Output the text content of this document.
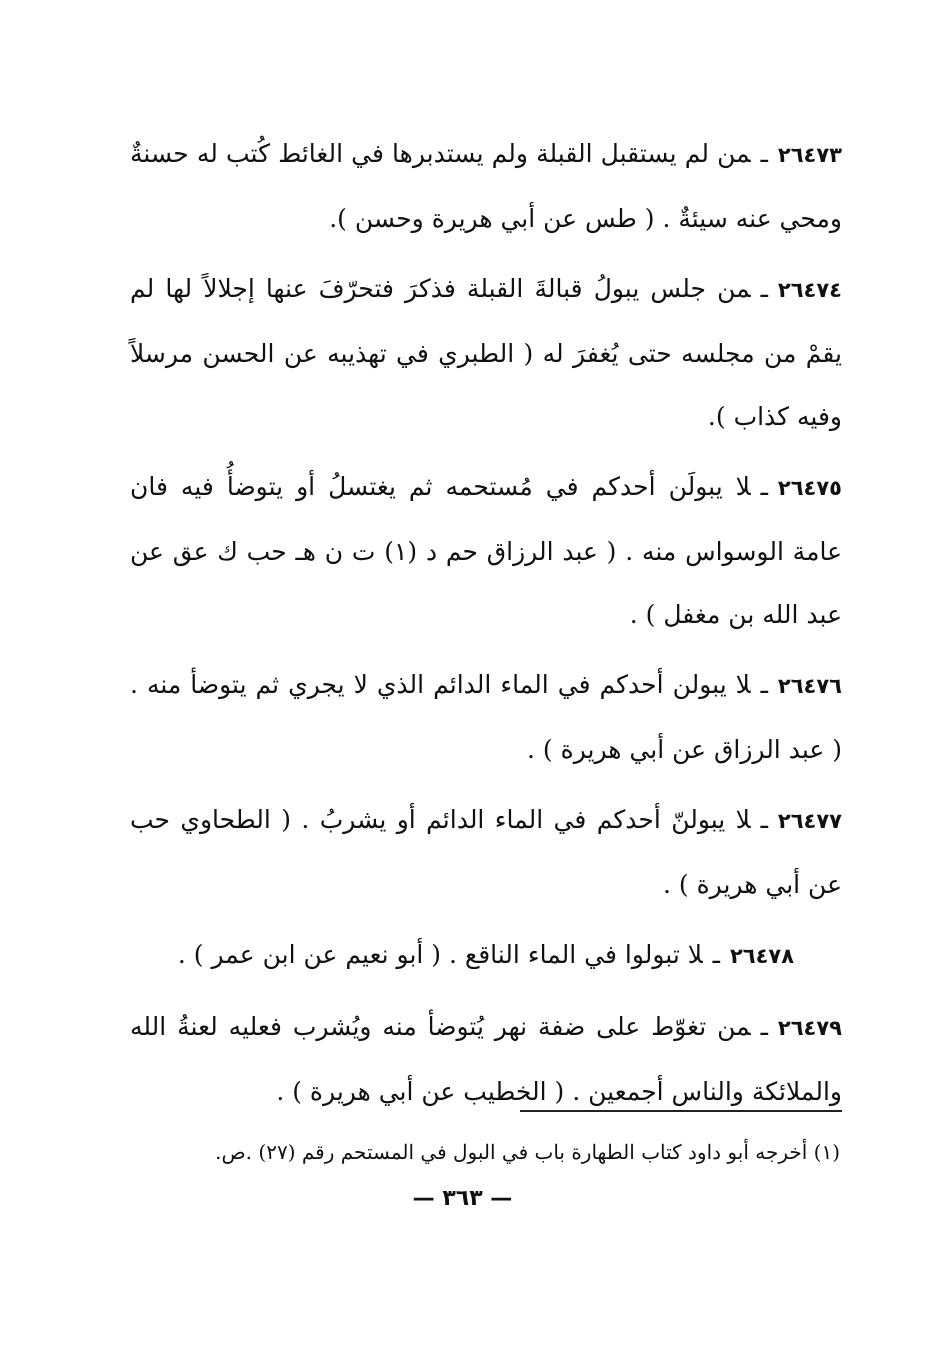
٢٦٤٧٣ـمن لم يستقبل القبلة ولم يستدبرها في الغائط كُتب له حسنةٌ ومحي عنه سيئةٌ . ( طس عن أبي هريرة وحسن ).

٢٦٤٧٤ـمن جلس يبولُ قبالةَ القبلة فذكرَ فتحرّفَ عنها إجلالاً لها لم يقمْ من مجلسه حتى يُغفرَ له ( الطبري في تهذيبه عن الحسن مرسلاً وفيه كذاب ).

٢٦٤٧٥ـلا يبولَن أحدكم في مُستحمه ثم يغتسلُ أو يتوضأُ فيه فان عامة الوسواس منه . ( عبد الرزاق حم د (١) ت ن هـ حب ك عق عن عبد الله بن مغفل ) .

٢٦٤٧٦ـلا يبولن أحدكم في الماء الدائم الذي لا يجري ثم يتوضأ منه . ( عبد الرزاق عن أبي هريرة ) .

٢٦٤٧٧ـلا يبولنّ أحدكم في الماء الدائم أو يشربُ . ( الطحاوي حب عن أبي هريرة ) .

٢٦٤٧٨ـلا تبولوا في الماء الناقع . ( أبو نعيم عن ابن عمر ) .

٢٦٤٧٩ـمن تغوّط على ضفة نهر يُتوضأ منه ويُشرب فعليه لعنةُ الله والملائكة والناس أجمعين . ( الخطيب عن أبي هريرة ) .

(١) أخرجه أبو داود كتاب الطهارة باب في البول في المستحم رقم (٢٧) .ص.
— ٣٦٣ —
